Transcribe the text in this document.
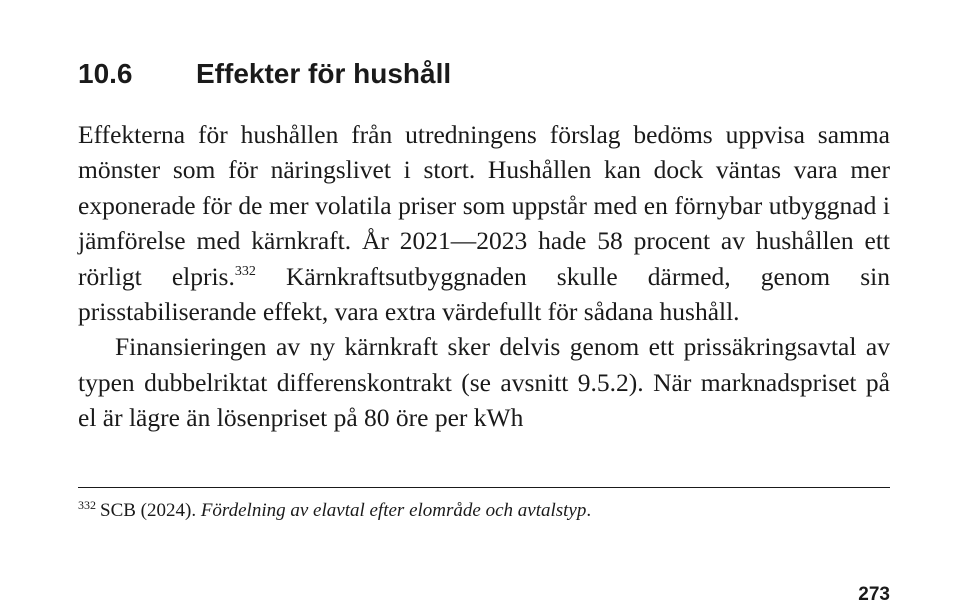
10.6 Effekter för hushåll

Effekterna för hushållen från utredningens förslag bedöms uppvisa samma mönster som för näringslivet i stort. Hushållen kan dock väntas vara mer exponerade för de mer volatila priser som uppstår med en förnybar utbyggnad i jämförelse med kärnkraft. År 2021—2023 hade 58 procent av hushållen ett rörligt elpris.$^{332}$ Kärnkraftsutbyggnaden skulle därmed, genom sin prisstabiliserande effekt, vara extra värdefullt för sådana hushåll.

Finansieringen av ny kärnkraft sker delvis genom ett prissäkringsavtal av typen dubbelriktat differenskontrakt (se avsnitt 9.5.2). När marknadspriset på el är lägre än lösenpriset på 80 öre per kWh

$^{332}$ SCB (2024). Fördelning av elavtal efter elområde och avtalstyp.
273
